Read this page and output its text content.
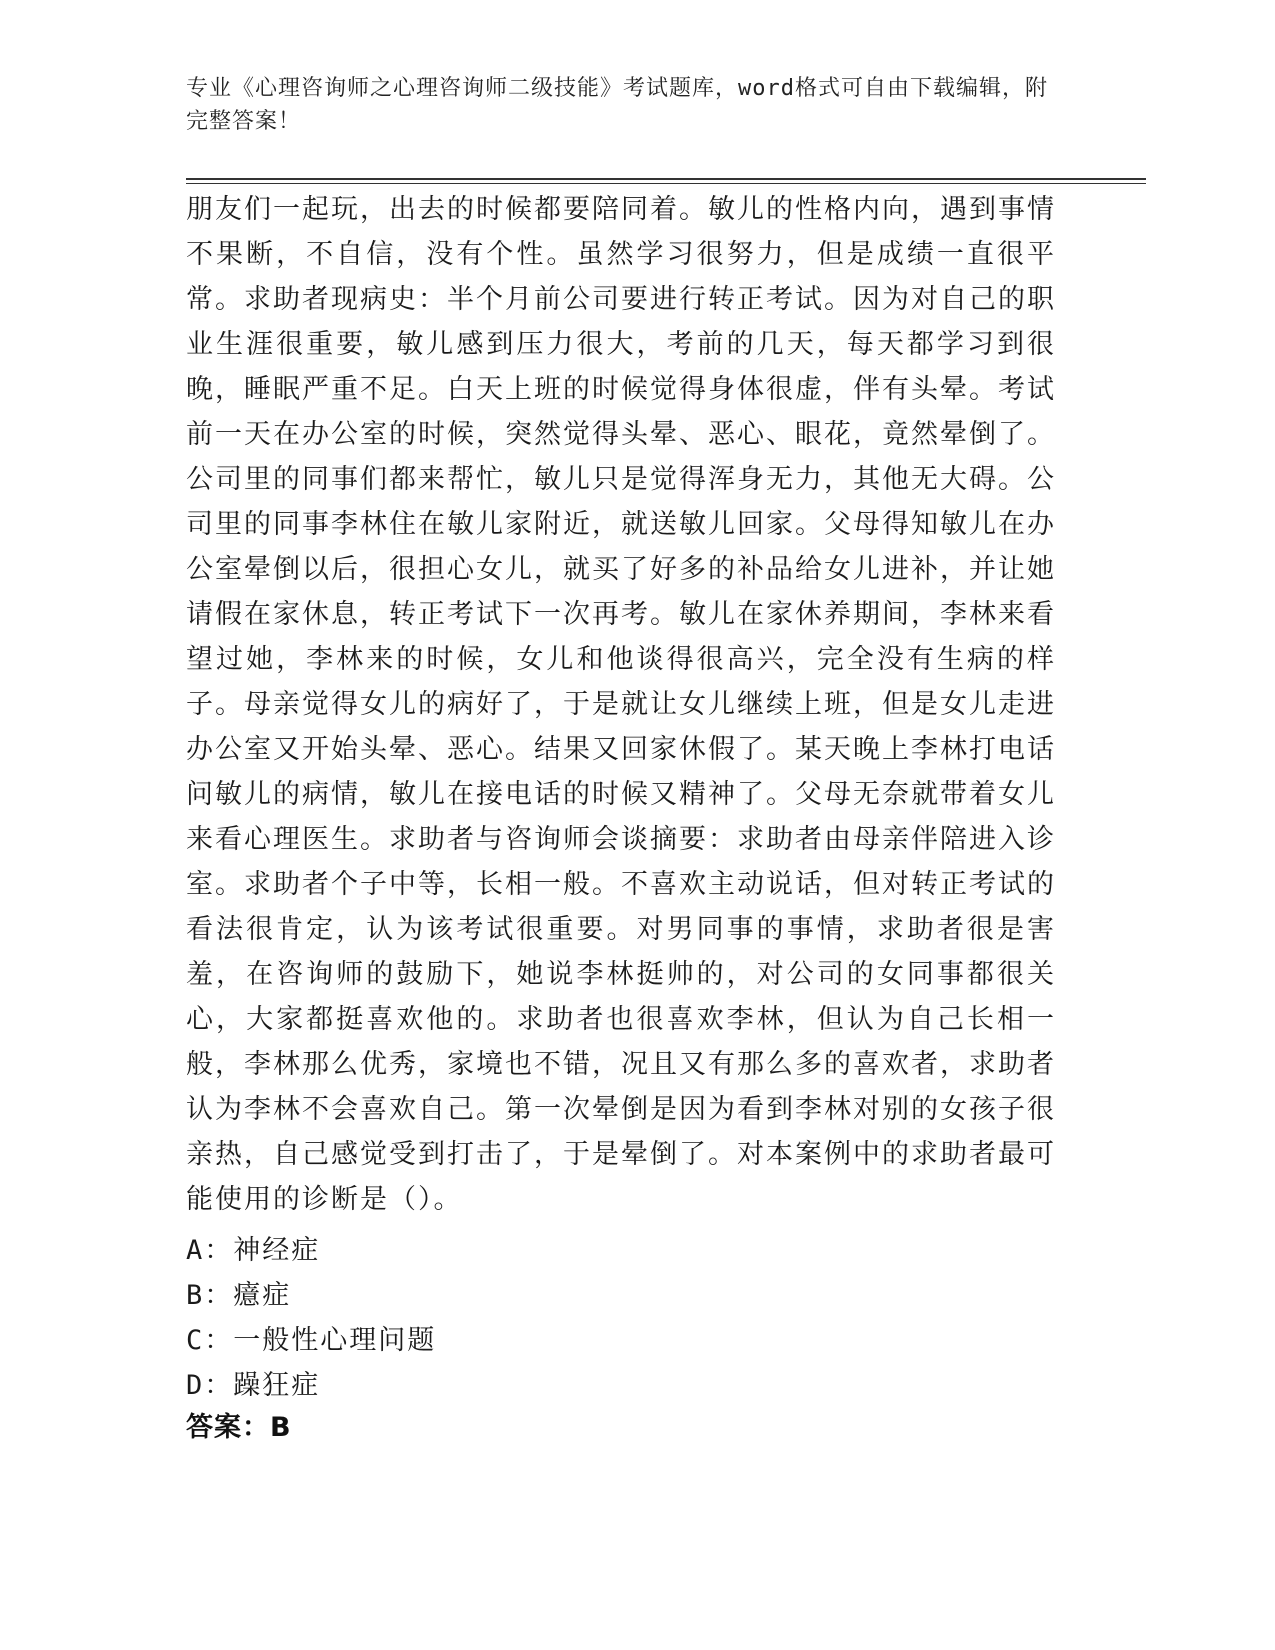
专业《心理咨询师之心理咨询师二级技能》考试题库，word格式可自由下载编辑，附完整答案！
朋友们一起玩，出去的时候都要陪同着。敏儿的性格内向，遇到事情不果断，不自信，没有个性。虽然学习很努力，但是成绩一直很平常。求助者现病史：半个月前公司要进行转正考试。因为对自己的职业生涯很重要，敏儿感到压力很大，考前的几天，每天都学习到很晚，睡眠严重不足。白天上班的时候觉得身体很虚，伴有头晕。考试前一天在办公室的时候，突然觉得头晕、恶心、眼花，竟然晕倒了。公司里的同事们都来帮忙，敏儿只是觉得浑身无力，其他无大碍。公司里的同事李林住在敏儿家附近，就送敏儿回家。父母得知敏儿在办公室晕倒以后，很担心女儿，就买了好多的补品给女儿进补，并让她请假在家休息，转正考试下一次再考。敏儿在家休养期间，李林来看望过她，李林来的时候，女儿和他谈得很高兴，完全没有生病的样子。母亲觉得女儿的病好了，于是就让女儿继续上班，但是女儿走进办公室又开始头晕、恶心。结果又回家休假了。某天晚上李林打电话问敏儿的病情，敏儿在接电话的时候又精神了。父母无奈就带着女儿来看心理医生。求助者与咨询师会谈摘要：求助者由母亲伴陪进入诊室。求助者个子中等，长相一般。不喜欢主动说话，但对转正考试的看法很肯定，认为该考试很重要。对男同事的事情，求助者很是害羞，在咨询师的鼓励下，她说李林挺帅的，对公司的女同事都很关心，大家都挺喜欢他的。求助者也很喜欢李林，但认为自己长相一般，李林那么优秀，家境也不错，况且又有那么多的喜欢者，求助者认为李林不会喜欢自己。第一次晕倒是因为看到李林对别的女孩子很亲热，自己感觉受到打击了，于是晕倒了。对本案例中的求助者最可能使用的诊断是（）。
A：神经症
B：癔症
C：一般性心理问题
D：躁狂症
答案：B
